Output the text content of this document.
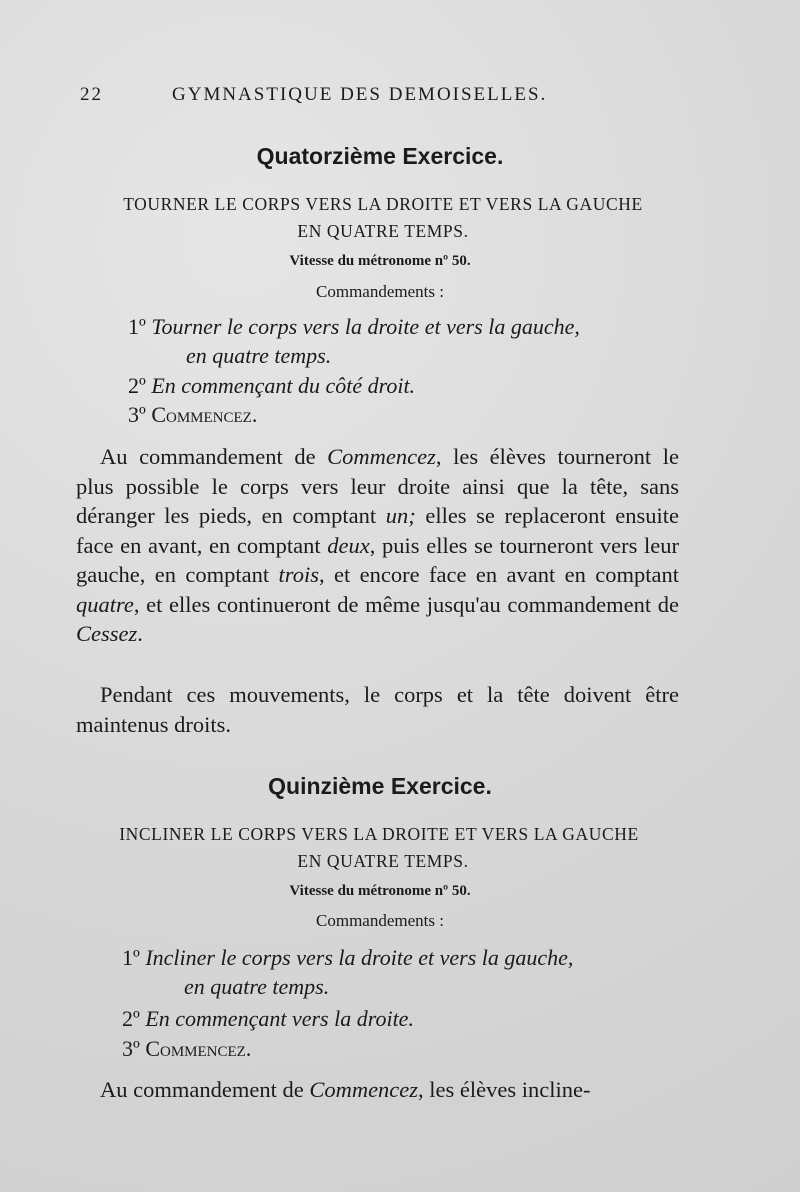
22	GYMNASTIQUE DES DEMOISELLES.
Quatorzième Exercice.
TOURNER LE CORPS VERS LA DROITE ET VERS LA GAUCHE
EN QUATRE TEMPS.
Vitesse du métronome nº 50.
Commandements :
1º Tourner le corps vers la droite et vers la gauche,
en quatre temps.
2º En commençant du côté droit.
3º Commencez.
Au commandement de Commencez, les élèves tourneront le plus possible le corps vers leur droite ainsi que la tête, sans déranger les pieds, en comptant un; elles se replaceront ensuite face en avant, en comptant deux, puis elles se tourneront vers leur gauche, en comptant trois, et encore face en avant en comptant quatre, et elles continueront de même jusqu'au commandement de Cessez.
Pendant ces mouvements, le corps et la tête doivent être maintenus droits.
Quinzième Exercice.
INCLINER LE CORPS VERS LA DROITE ET VERS LA GAUCHE
EN QUATRE TEMPS.
Vitesse du métronome nº 50.
Commandements :
1º Incliner le corps vers la droite et vers la gauche,
en quatre temps.
2º En commençant vers la droite.
3º Commencez.
Au commandement de Commencez, les élèves incline-
